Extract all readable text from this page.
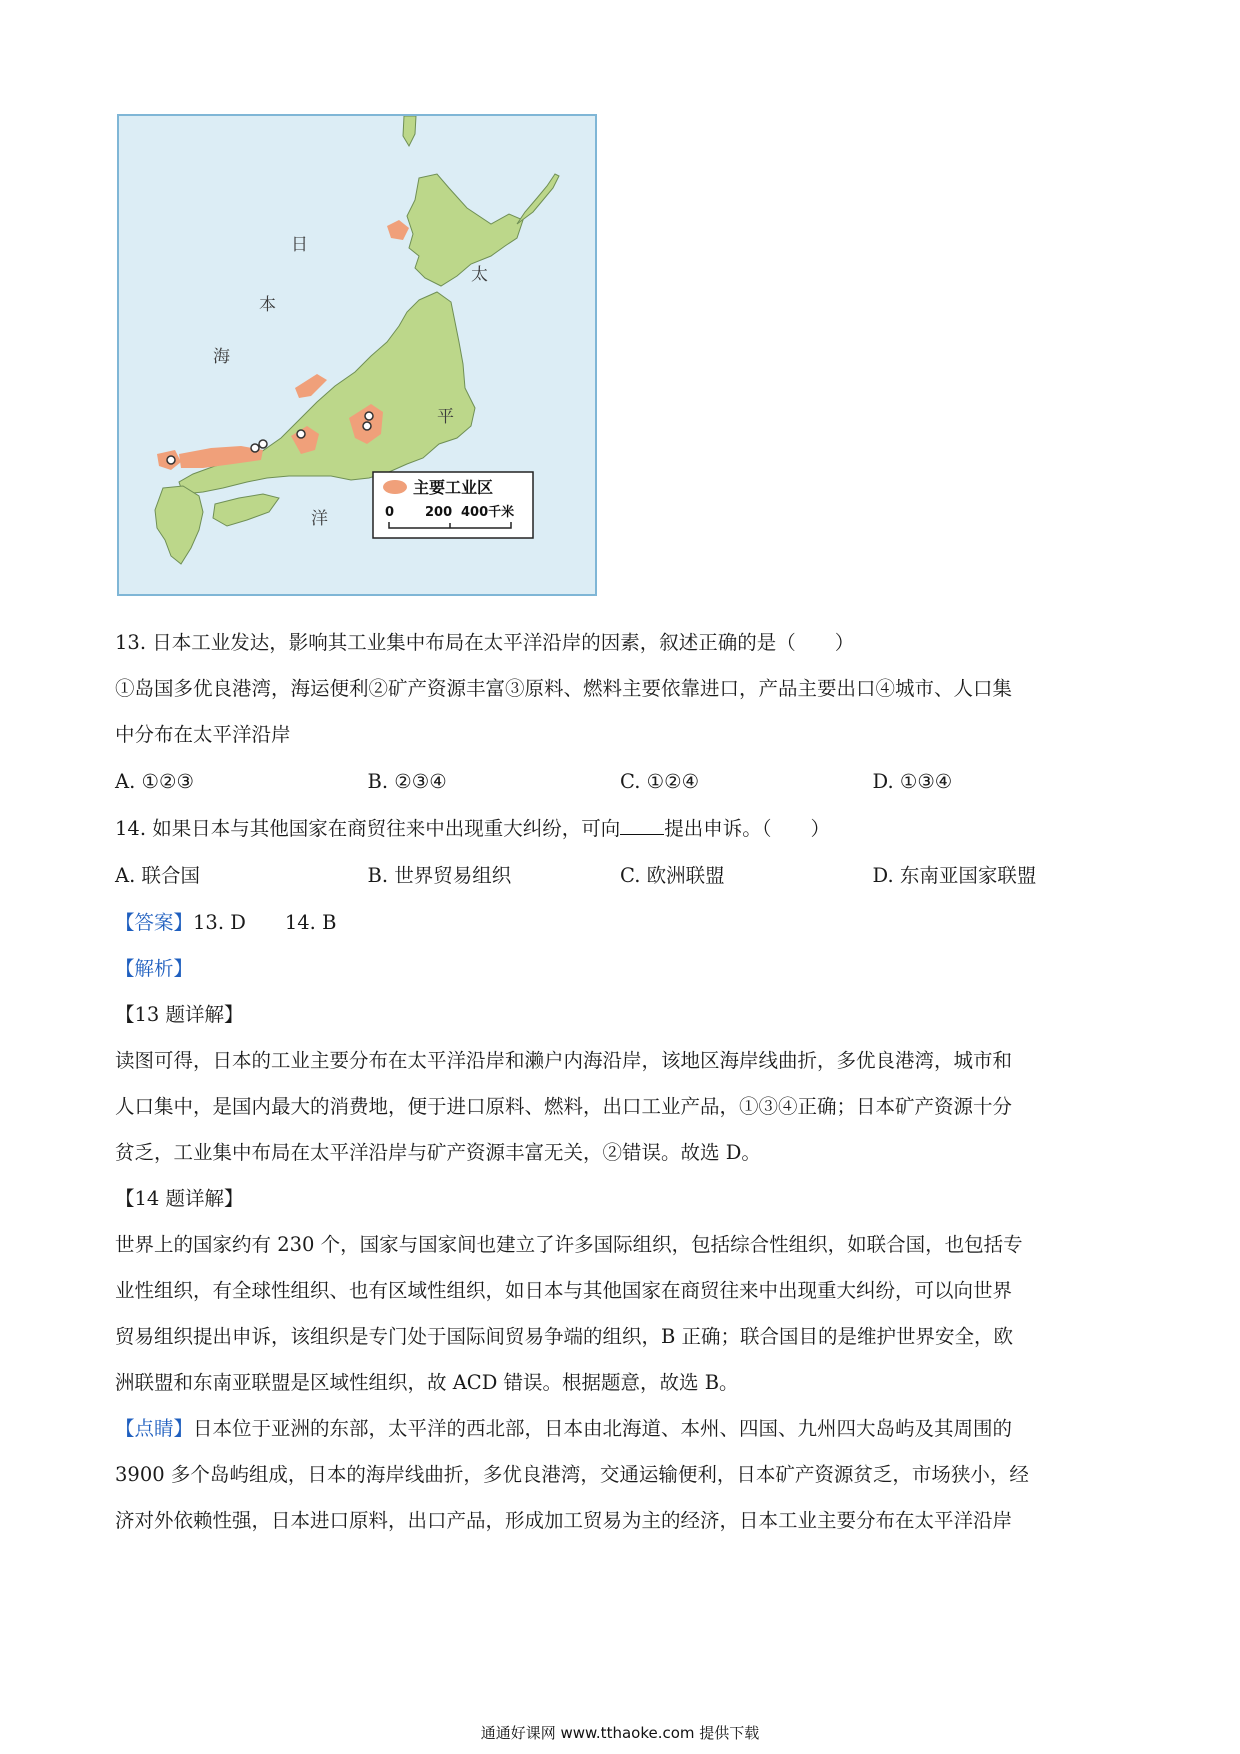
日
本
海
太
平
洋
主要工业区
0 200 400千米
13. 日本工业发达，影响其工业集中布局在太平洋沿岸的因素，叙述正确的是（　　）
①岛国多优良港湾，海运便利②矿产资源丰富③原料、燃料主要依靠进口，产品主要出口④城市、人口集
中分布在太平洋沿岸
A. ①②③	B. ②③④	C. ①②④	D. ①③④
14. 如果日本与其他国家在商贸往来中出现重大纠纷，可向 提出申诉。（　　）
A. 联合国	B. 世界贸易组织	C. 欧洲联盟	D. 东南亚国家联盟
【答案】13. D　　14. B
【解析】
【13 题详解】
读图可得，日本的工业主要分布在太平洋沿岸和濑户内海沿岸，该地区海岸线曲折，多优良港湾，城市和
人口集中，是国内最大的消费地，便于进口原料、燃料，出口工业产品，①③④正确；日本矿产资源十分
贫乏，工业集中布局在太平洋沿岸与矿产资源丰富无关，②错误。故选 D。
【14 题详解】
世界上的国家约有 230 个，国家与国家间也建立了许多国际组织，包括综合性组织，如联合国，也包括专
业性组织，有全球性组织、也有区域性组织，如日本与其他国家在商贸往来中出现重大纠纷，可以向世界
贸易组织提出申诉，该组织是专门处于国际间贸易争端的组织，B 正确；联合国目的是维护世界安全，欧
洲联盟和东南亚联盟是区域性组织，故 ACD 错误。根据题意，故选 B。
【点睛】日本位于亚洲的东部，太平洋的西北部，日本由北海道、本州、四国、九州四大岛屿及其周围的
3900 多个岛屿组成，日本的海岸线曲折，多优良港湾，交通运输便利，日本矿产资源贫乏，市场狭小，经
济对外依赖性强，日本进口原料，出口产品，形成加工贸易为主的经济，日本工业主要分布在太平洋沿岸
通通好课网 www.tthaoke.com 提供下载
